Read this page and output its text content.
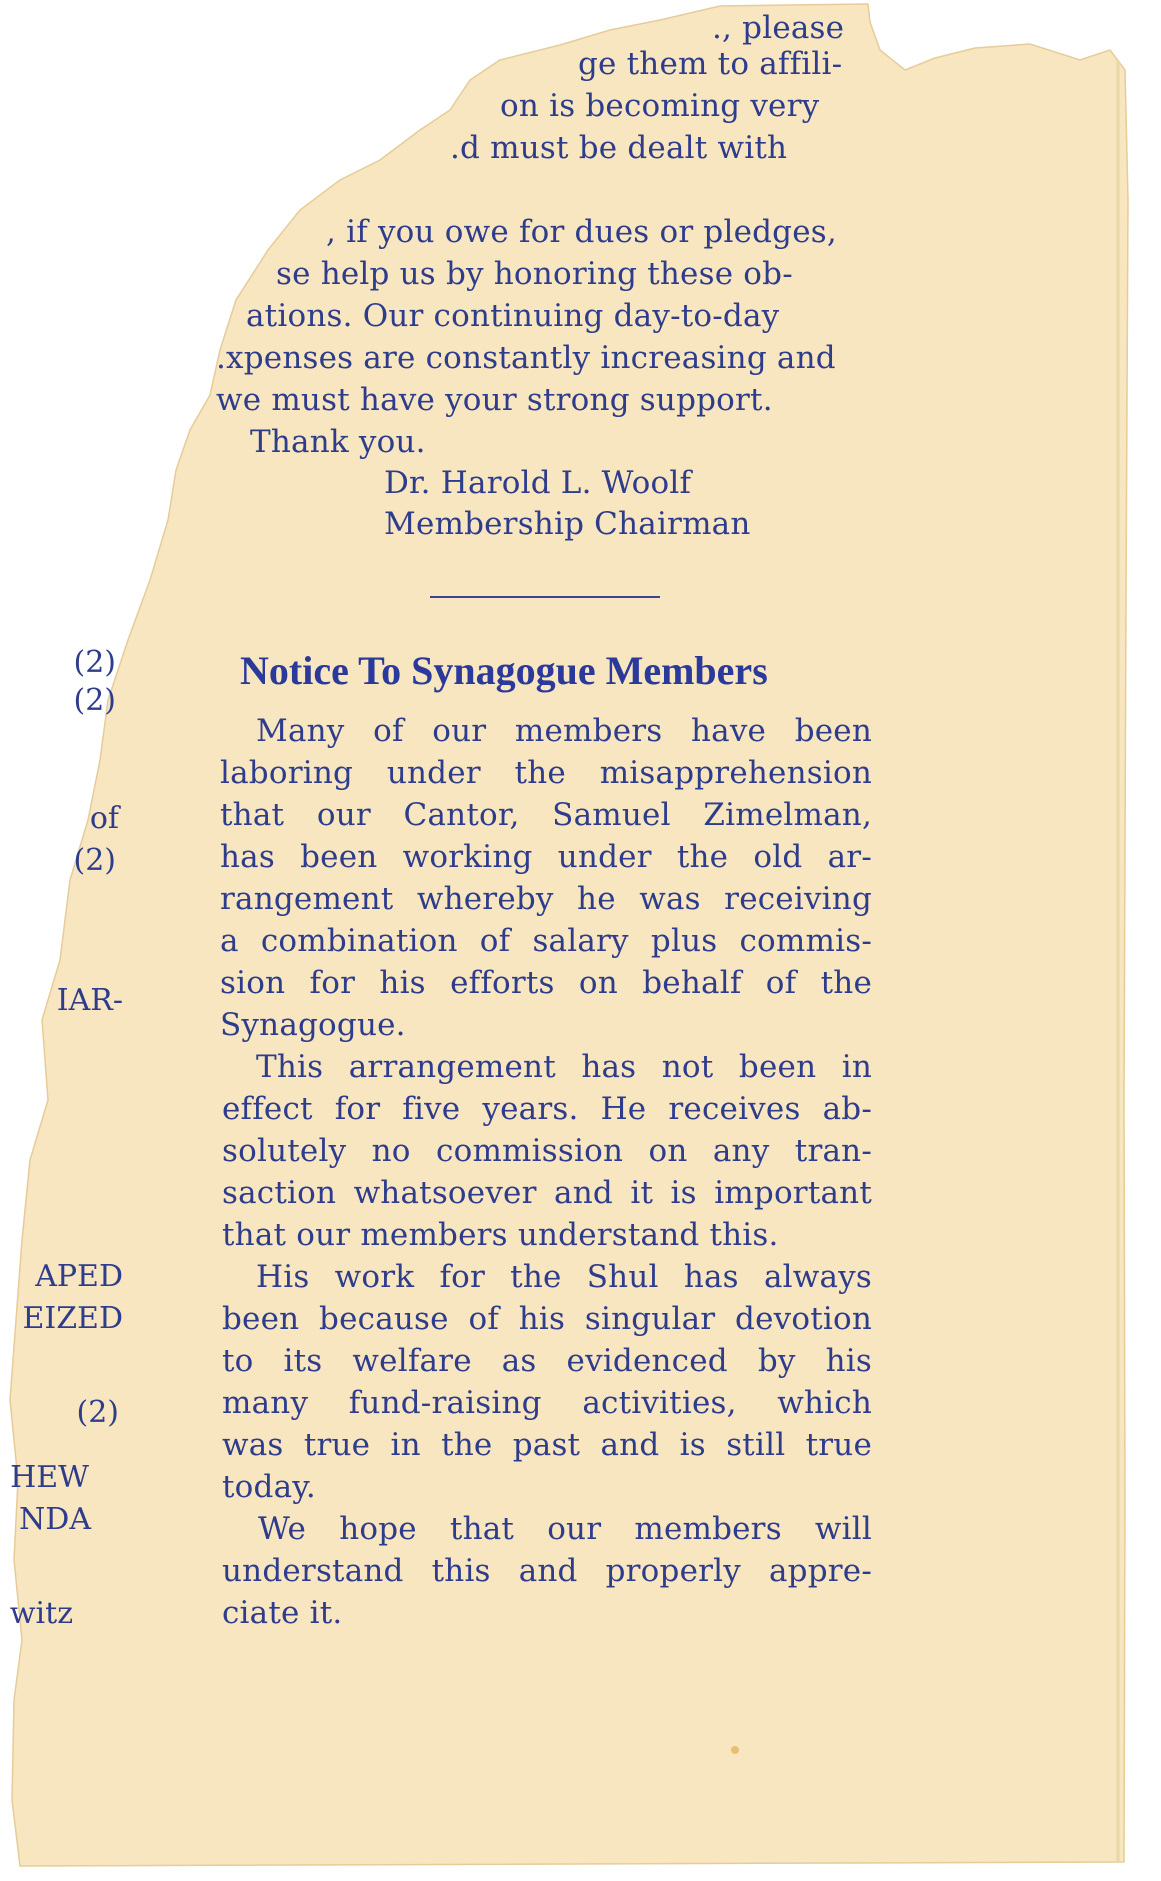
., please
ge them to affili-
on is becoming very
.d must be dealt with
, if you owe for dues or pledges,
se help us by honoring these ob-
ations. Our continuing day-to-day
.xpenses are constantly increasing and
we must have your strong support.
Thank you.
Dr. Harold L. Woolf
Membership Chairman
(2)
(2)
of
(2)
IAR-
APED
EIZED
(2)
HEW
NDA
witz
Notice To Synagogue Members
Many of our members have been
laboring under the misapprehension
that our Cantor, Samuel Zimelman,
has been working under the old ar-
rangement whereby he was receiving
a combination of salary plus commis-
sion for his efforts on behalf of the
Synagogue.
This arrangement has not been in
effect for five years. He receives ab-
solutely no commission on any tran-
saction whatsoever and it is important
that our members understand this.
His work for the Shul has always
been because of his singular devotion
to its welfare as evidenced by his
many fund-raising activities, which
was true in the past and is still true
today.
We hope that our members will
understand this and properly appre-
ciate it.
